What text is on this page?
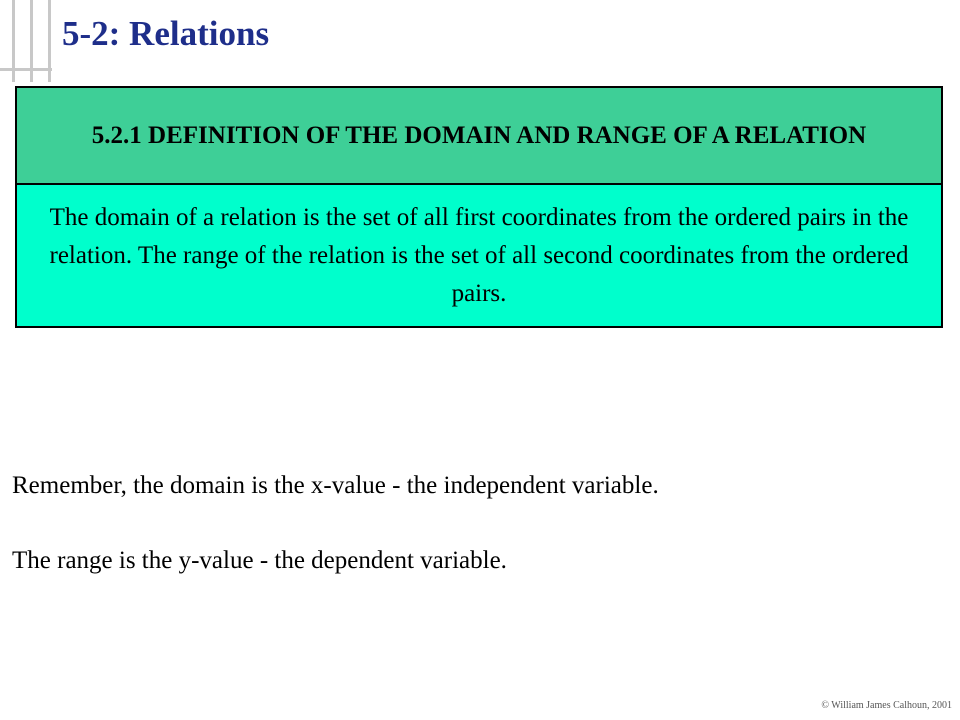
5-2: Relations
5.2.1 DEFINITION OF THE DOMAIN AND RANGE OF A RELATION
The domain of a relation is the set of all first coordinates from the ordered pairs in the relation. The range of the relation is the set of all second coordinates from the ordered pairs.
Remember, the domain is the x-value - the independent variable.
The range is the y-value - the dependent variable.
© William James Calhoun, 2001
